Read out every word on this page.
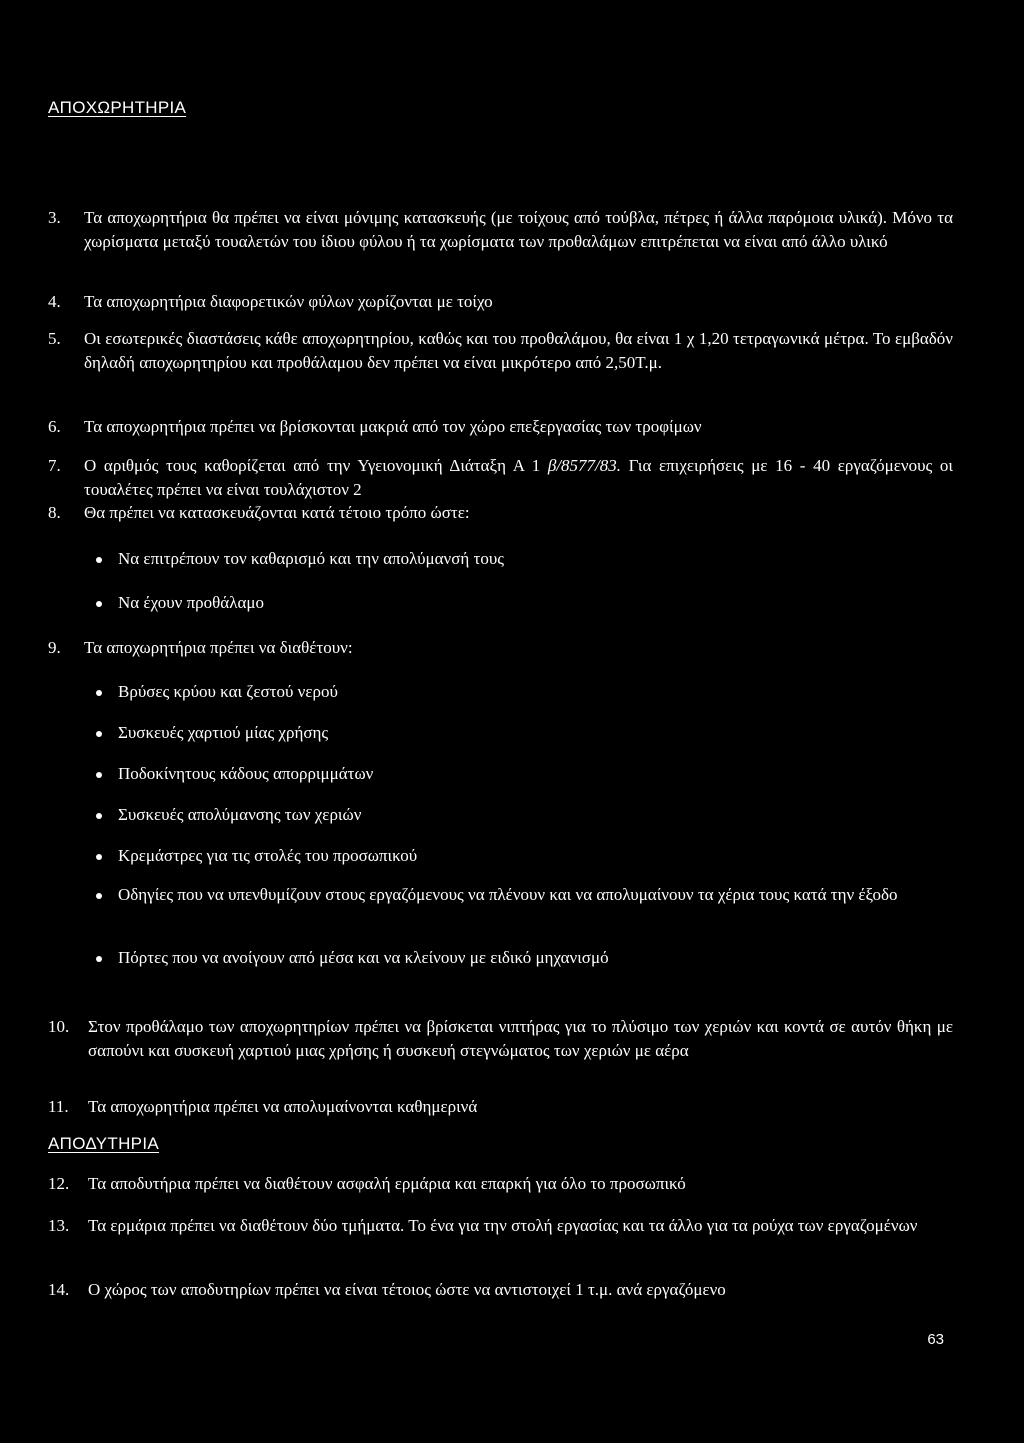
ΑΠΟΧΩΡΗΤΗΡΙΑ
3.	Τα αποχωρητήρια θα πρέπει να είναι μόνιμης κατασκευής (με τοίχους από τούβλα, πέτρες ή άλλα παρόμοια υλικά). Μόνο τα χωρίσματα μεταξύ τουαλετών του ίδιου φύλου ή τα χωρίσματα των προθαλάμων επιτρέπεται να είναι από άλλο υλικό
4.	Τα αποχωρητήρια διαφορετικών φύλων χωρίζονται με τοίχο
5.	Οι εσωτερικές διαστάσεις κάθε αποχωρητηρίου, καθώς και του προθαλάμου, θα είναι 1 χ 1,20 τετραγωνικά μέτρα. Το εμβαδόν δηλαδή αποχωρητηρίου και προθάλαμου δεν πρέπει να είναι μικρότερο από 2,50Τ.μ.
6.	Τα αποχωρητήρια πρέπει να βρίσκονται μακριά από τον χώρο επεξεργασίας των τροφίμων
7.	Ο αριθμός τους καθορίζεται από την Υγειονομική Διάταξη Α 1 β/8577/83. Για επιχειρήσεις με 16 - 40 εργαζόμενους οι τουαλέτες πρέπει να είναι τουλάχιστον 2
8.	Θα πρέπει να κατασκευάζονται κατά τέτοιο τρόπο ώστε:
Να επιτρέπουν τον καθαρισμό και την απολύμανσή τους
Να έχουν προθάλαμο
9.	Τα αποχωρητήρια πρέπει να διαθέτουν:
Βρύσες κρύου και ζεστού νερού
Συσκευές χαρτιού μίας χρήσης
Ποδοκίνητους κάδους απορριμμάτων
Συσκευές απολύμανσης των χεριών
Κρεμάστρες για τις στολές του προσωπικού
Οδηγίες που να υπενθυμίζουν στους εργαζόμενους να πλένουν και να απολυμαίνουν τα χέρια τους κατά την έξοδο
Πόρτες που να ανοίγουν από μέσα και να κλείνουν με ειδικό μηχανισμό
10.	Στον προθάλαμο των αποχωρητηρίων πρέπει να βρίσκεται νιπτήρας για το πλύσιμο των χεριών και κοντά σε αυτόν θήκη με σαπούνι και συσκευή χαρτιού μιας χρήσης ή συσκευή στεγνώματος των χεριών με αέρα
11.	Τα αποχωρητήρια πρέπει να απολυμαίνονται καθημερινά
ΑΠΟΔΥΤΗΡΙΑ
12.	Τα αποδυτήρια πρέπει να διαθέτουν ασφαλή ερμάρια και επαρκή για όλο το προσωπικό
13.	Τα ερμάρια πρέπει να διαθέτουν δύο τμήματα. Το ένα για την στολή εργασίας και τα άλλο για τα ρούχα των εργαζομένων
14.	Ο χώρος των αποδυτηρίων πρέπει να είναι τέτοιος ώστε να αντιστοιχεί 1 τ.μ. ανά εργαζόμενο
63
